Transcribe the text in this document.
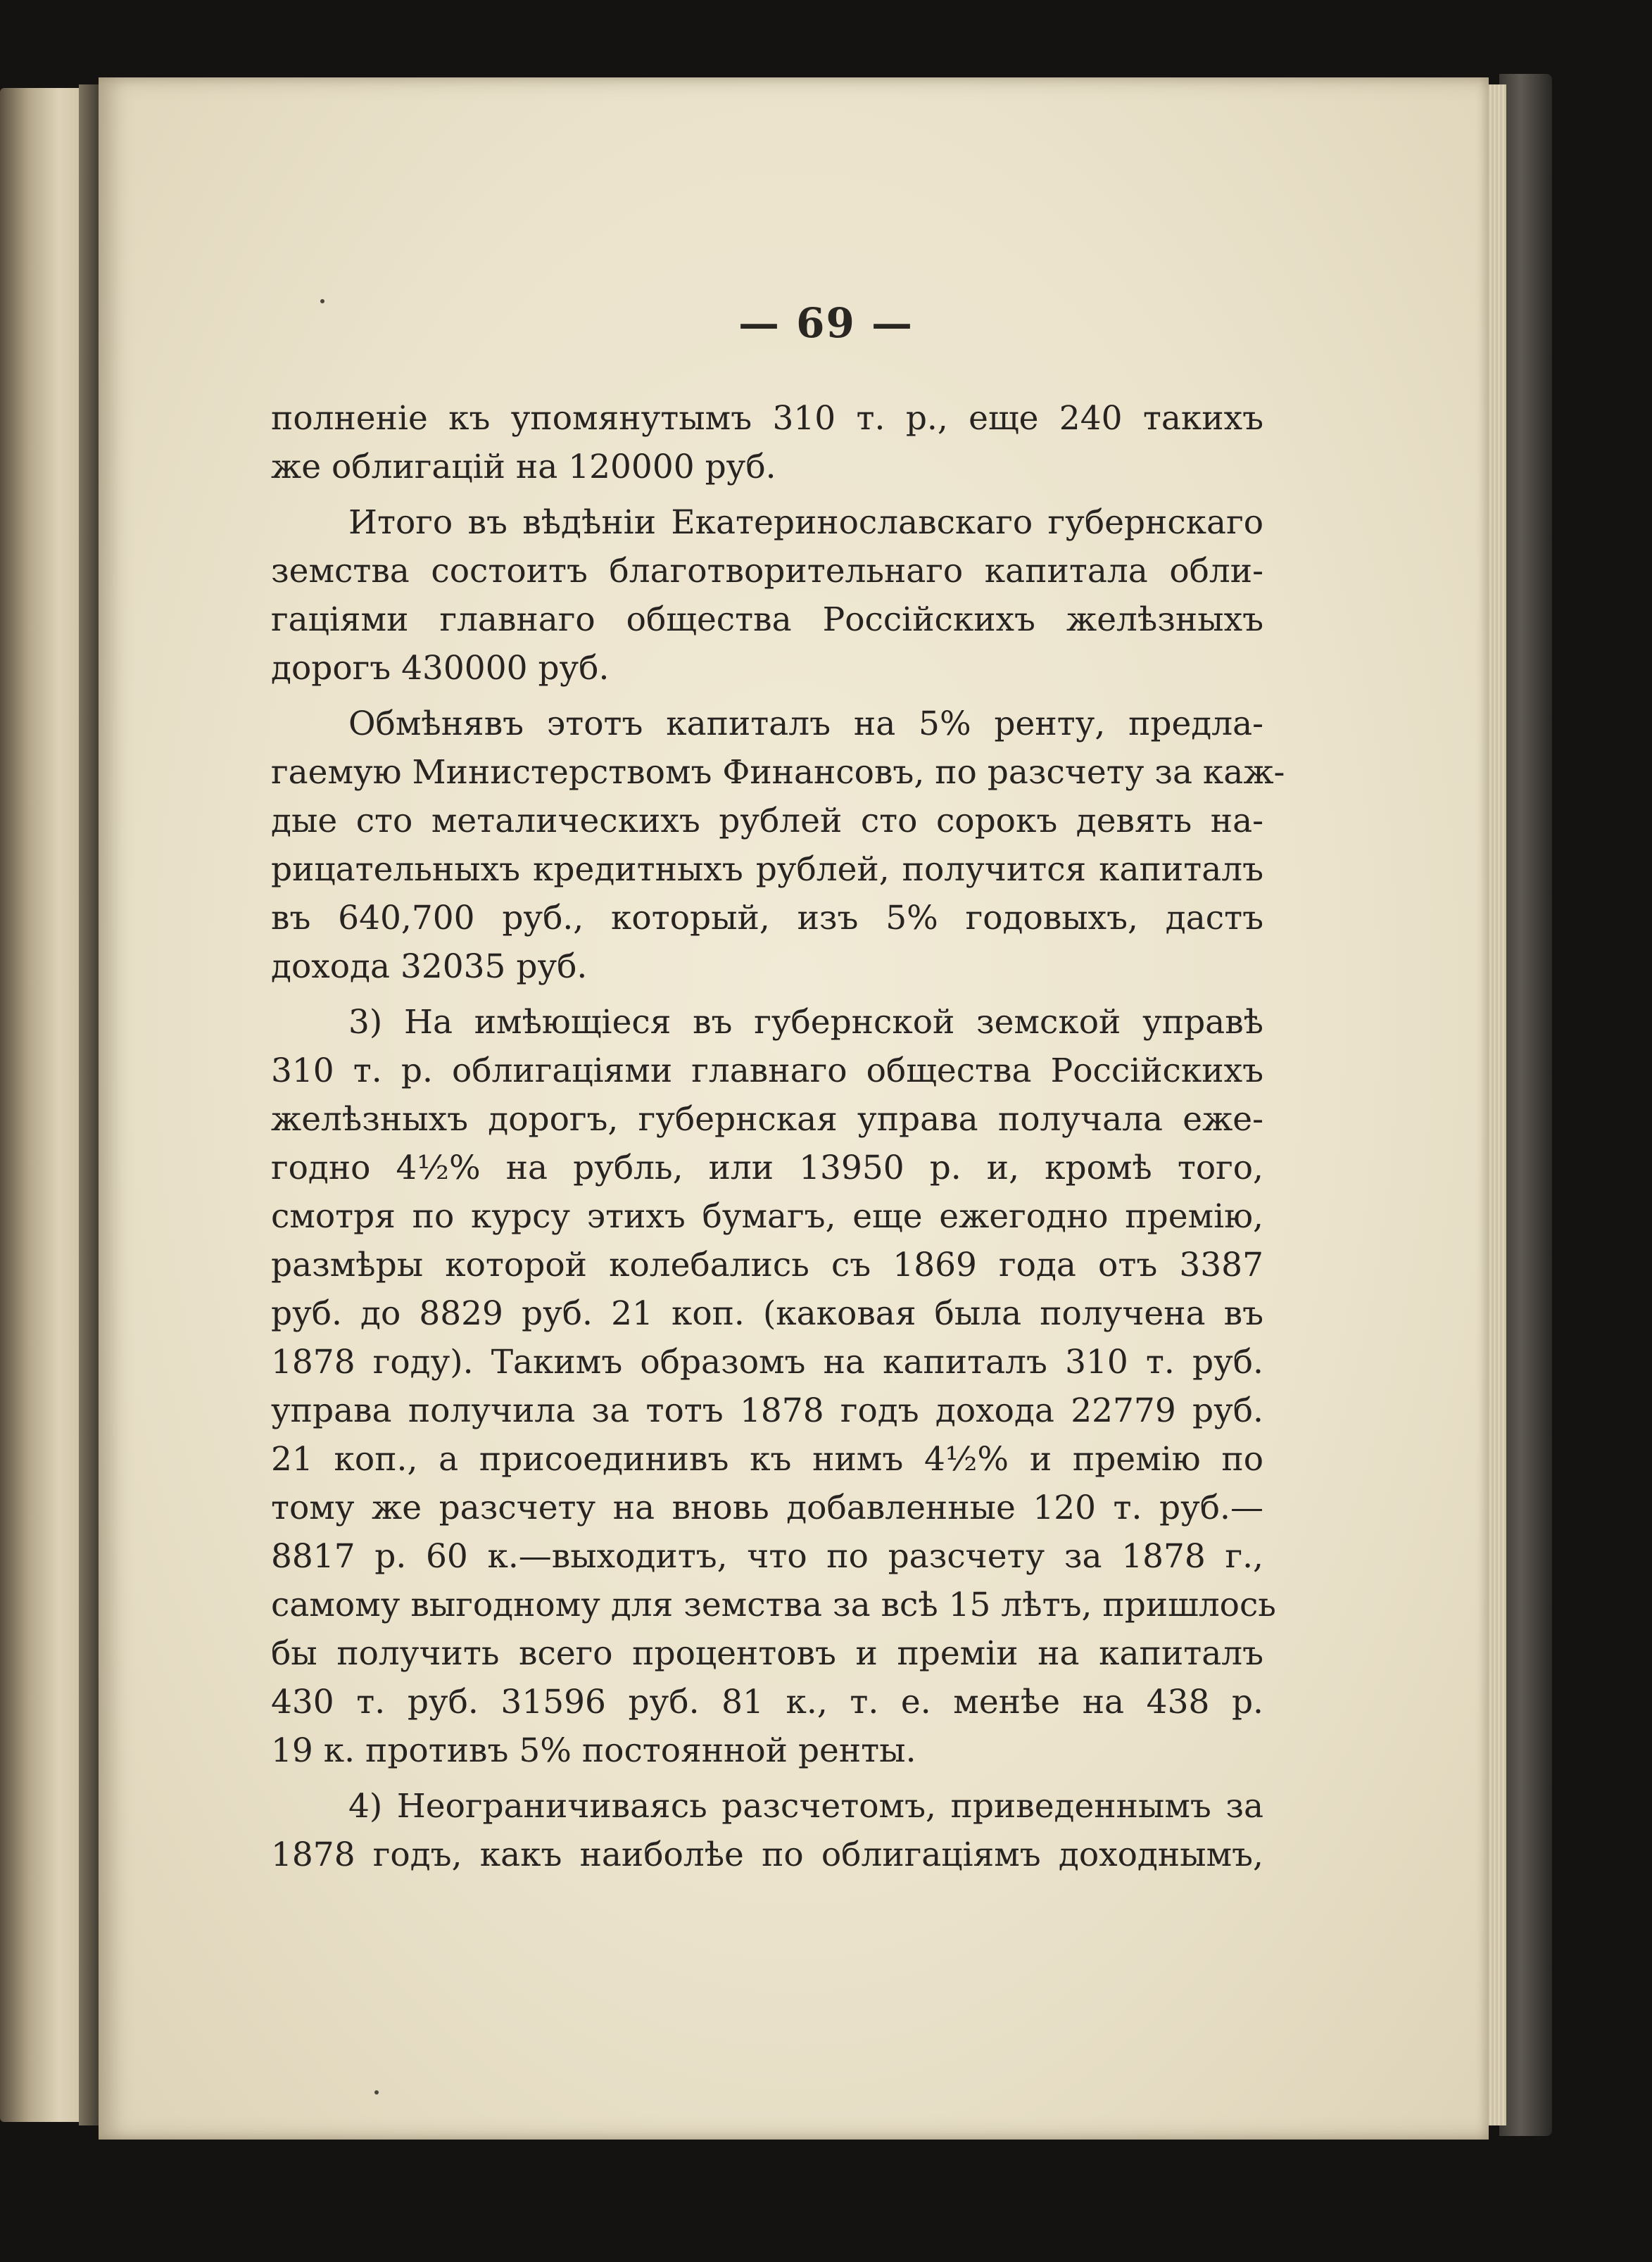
— 69 —
полненіе къ упомянутымъ 310 т. р., еще 240 такихъ
же облигацій на 120000 руб.
Итого въ вѣдѣніи Екатеринославскаго губернскаго
земства состоитъ благотворительнаго капитала обли-
гаціями главнаго общества Россійскихъ желѣзныхъ
дорогъ 430000 руб.
Обмѣнявъ этотъ капиталъ на 5% ренту, предла-
гаемую Министерствомъ Финансовъ, по разсчету за каж-
дые сто металическихъ рублей сто сорокъ девять на-
рицательныхъ кредитныхъ рублей, получится капиталъ
въ 640,700 руб., который, изъ 5% годовыхъ, дастъ
дохода 32035 руб.
3) На имѣющіеся въ губернской земской управѣ
310 т. р. облигаціями главнаго общества Россійскихъ
желѣзныхъ дорогъ, губернская управа получала еже-
годно 4½% на рубль, или 13950 р. и, кромѣ того,
смотря по курсу этихъ бумагъ, еще ежегодно премію,
размѣры которой колебались съ 1869 года отъ 3387
руб. до 8829 руб. 21 коп. (каковая была получена въ
1878 году). Такимъ образомъ на капиталъ 310 т. руб.
управа получила за тотъ 1878 годъ дохода 22779 руб.
21 коп., а присоединивъ къ нимъ 4½% и премію по
тому же разсчету на вновь добавленные 120 т. руб.—
8817 р. 60 к.—выходитъ, что по разсчету за 1878 г.,
самому выгодному для земства за всѣ 15 лѣтъ, пришлось
бы получить всего процентовъ и преміи на капиталъ
430 т. руб. 31596 руб. 81 к., т. е. менѣе на 438 р.
19 к. противъ 5% постоянной ренты.
4) Неограничиваясь разсчетомъ, приведеннымъ за
1878 годъ, какъ наиболѣе по облигаціямъ доходнымъ,
